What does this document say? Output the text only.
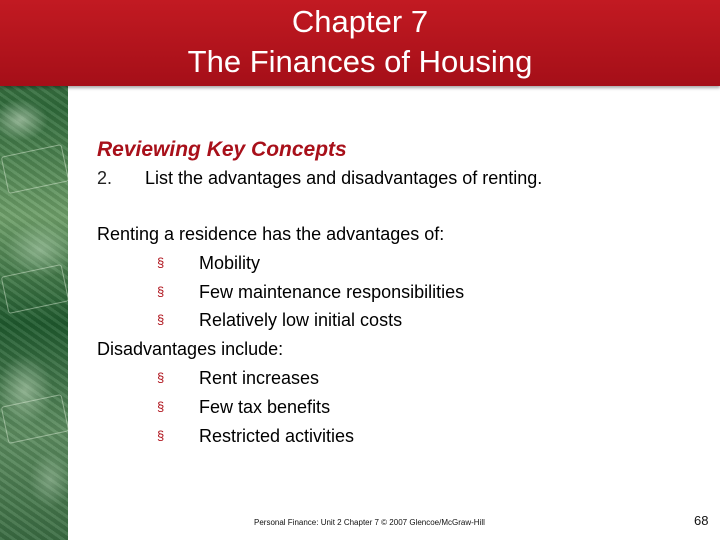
Chapter 7
The Finances of Housing
Reviewing Key Concepts
2. List the advantages and disadvantages of renting.
Renting a residence has the advantages of:
§ Mobility
§ Few maintenance responsibilities
§ Relatively low initial costs
Disadvantages include:
§ Rent increases
§ Few tax benefits
§ Restricted activities
Personal Finance: Unit 2 Chapter 7 © 2007 Glencoe/McGraw-Hill	68
